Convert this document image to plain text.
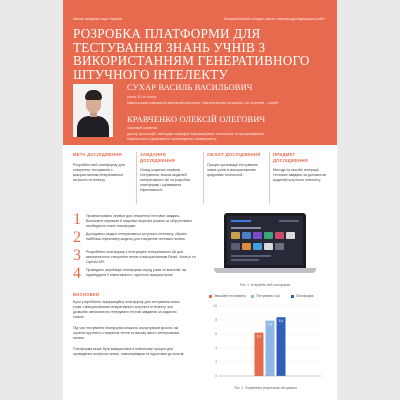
Малая академія наук України	Всеукраїнський конкурс-захист науково-дослідницьких робіт
РОЗРОБКА ПЛАТФОРМИ ДЛЯ ТЕСТУВАННЯ ЗНАНЬ УЧНІВ З ВИКОРИСТАННЯМ ГЕНЕРАТИВНОГО ШТУЧНОГО ІНТЕЛЕКТУ
СУХАР ВАСИЛЬ ВАСИЛЬОВИЧ
учень 10-го класу
Ізмаїльський навчально-виховний комплекс «Загальноосвітня школа І–ІІІ ступенів – ліцей»
КРАВЧЕНКО ОЛЕКСІЙ ОЛЕГОВИЧ
науковий керівник
доктор філософії, викладач кафедри інформаційних технологій та програмування
Ізмаїльського державного гуманітарного університету
МЕТА ДОСЛІДЖЕННЯ
Розробити веб-платформу для створення тестування з використанням генеративного штучного інтелекту.
ЗАВДАННЯ ДОСЛІДЖЕННЯ
Огляд існуючих сервісів тестування, аналіз моделей генеративного ШІ та розробка платформи і оцінювання ефективності.
ОБ'ЄКТ ДОСЛІДЖЕННЯ
Процес організації тестування знань учнів із використанням цифрових технологій.
ПРЕДМЕТ ДОСЛІДЖЕННЯ
Методи та засоби генерації тестових завдань за допомогою моделей штучного інтелекту.
1 Проаналізовано сервіси для створення тестових завдань. Визначено переваги й недоліки існуючих рішень та обґрунтовано необхідність нової платформи.
2 Досліджено моделі генеративного штучного інтелекту, обрано найбільш ефективну модель для створення тестових питань.
3 Розроблено платформу з інтеграцією генеративного ШІ для автоматичного створення тестів із використанням React, Node.js та OpenAI API.
4 Проведено апробацію платформи серед учнів та вчителів, які підтвердили її ефективність і зручність використання.
Рис. 1. Інтерфейс веб-платформи
ВИСНОВКИ
Було розроблено інформаційну платформу для тестування знань учнів з використанням генеративного штучного інтелекту, яка дозволяє автоматично генерувати тестові завдання за заданою темою.
Під час тестування платформи кількість користувачів зросла, які оцінили зручність створення тестів та високу якість згенерованих питань.
Платформа може бути використана в освітньому процесі для проведення контролю знань, самоперевірки та підготовки до іспитів.
Звичайне тестування	Тестування з ШІ	Платформа
0
2
4
6
8
10
6,2
7,9
8,4
Рис. 2. Порівняння результатів тестування
